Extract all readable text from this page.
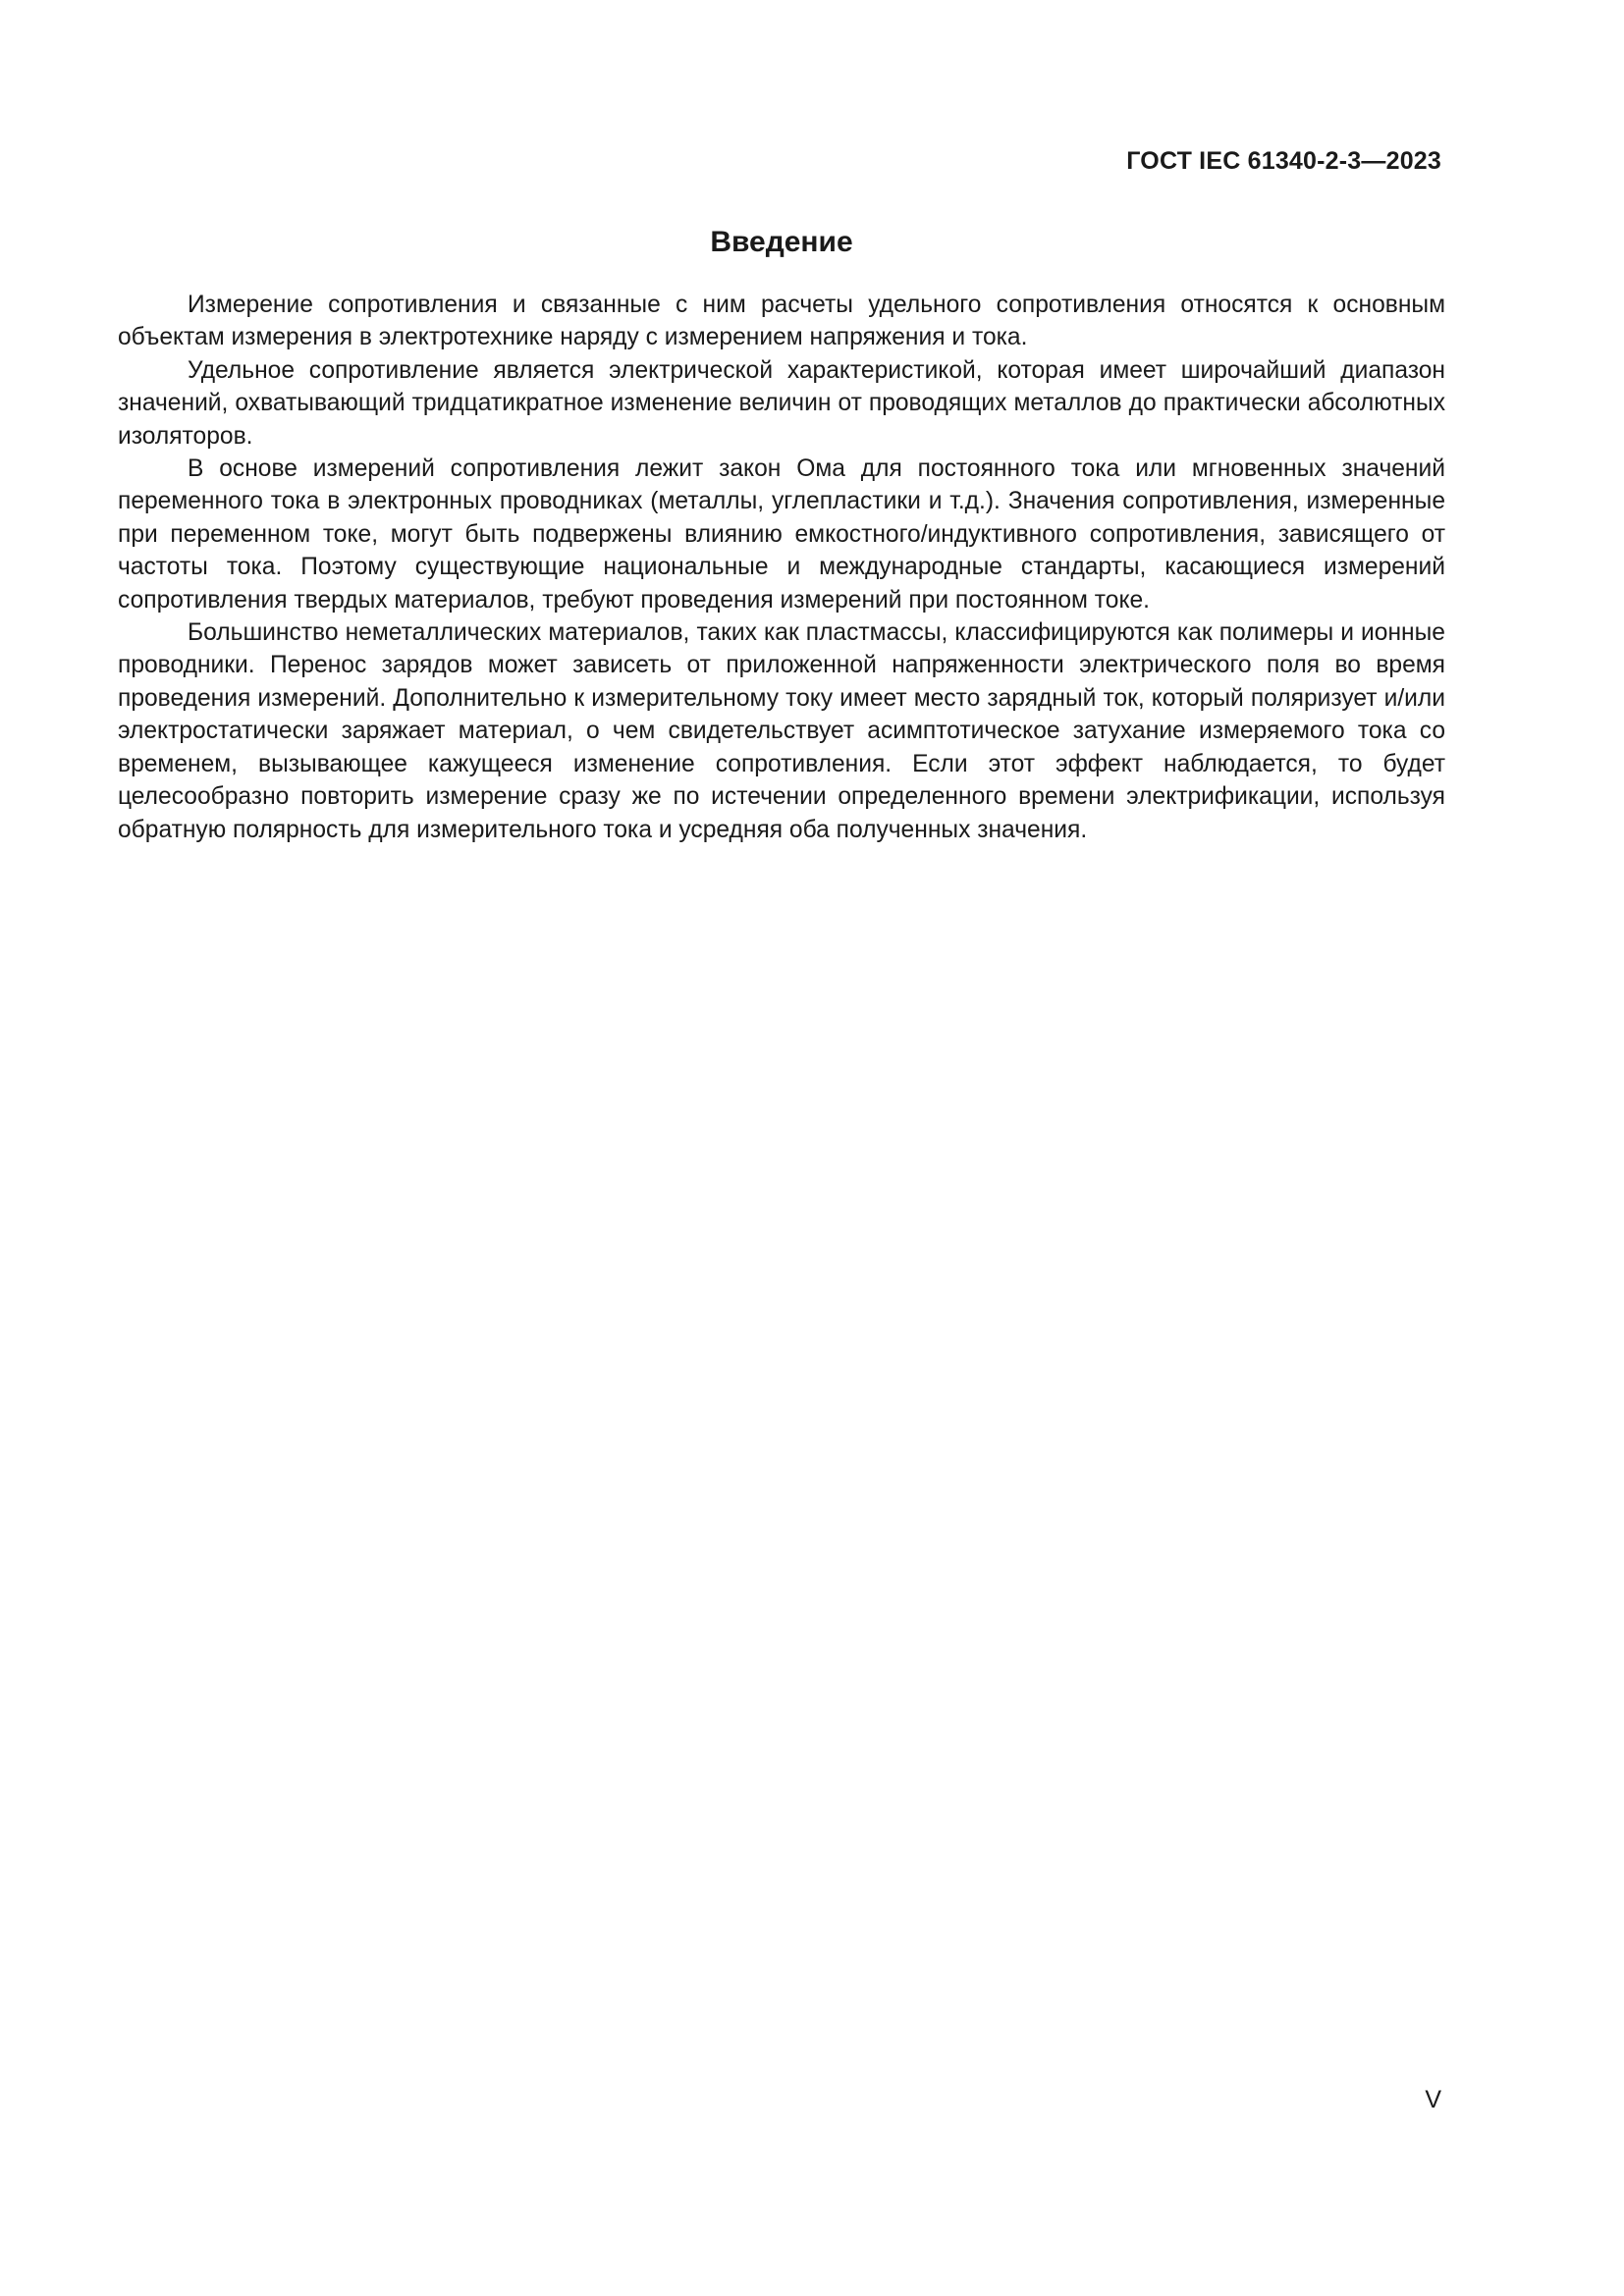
ГОСТ IEC 61340-2-3—2023
Введение

Измерение сопротивления и связанные с ним расчеты удельного сопротивления относятся к основным объектам измерения в электротехнике наряду с измерением напряжения и тока.

Удельное сопротивление является электрической характеристикой, которая имеет широчайший диапазон значений, охватывающий тридцатикратное изменение величин от проводящих металлов до практически абсолютных изоляторов.

В основе измерений сопротивления лежит закон Ома для постоянного тока или мгновенных значений переменного тока в электронных проводниках (металлы, углепластики и т.д.). Значения сопротивления, измеренные при переменном токе, могут быть подвержены влиянию емкостного/индуктивного сопротивления, зависящего от частоты тока. Поэтому существующие национальные и международные стандарты, касающиеся измерений сопротивления твердых материалов, требуют проведения измерений при постоянном токе.

Большинство неметаллических материалов, таких как пластмассы, классифицируются как полимеры и ионные проводники. Перенос зарядов может зависеть от приложенной напряженности электрического поля во время проведения измерений. Дополнительно к измерительному току имеет место зарядный ток, который поляризует и/или электростатически заряжает материал, о чем свидетельствует асимптотическое затухание измеряемого тока со временем, вызывающее кажущееся изменение сопротивления. Если этот эффект наблюдается, то будет целесообразно повторить измерение сразу же по истечении определенного времени электрификации, используя обратную полярность для измерительного тока и усредняя оба полученных значения.

V
